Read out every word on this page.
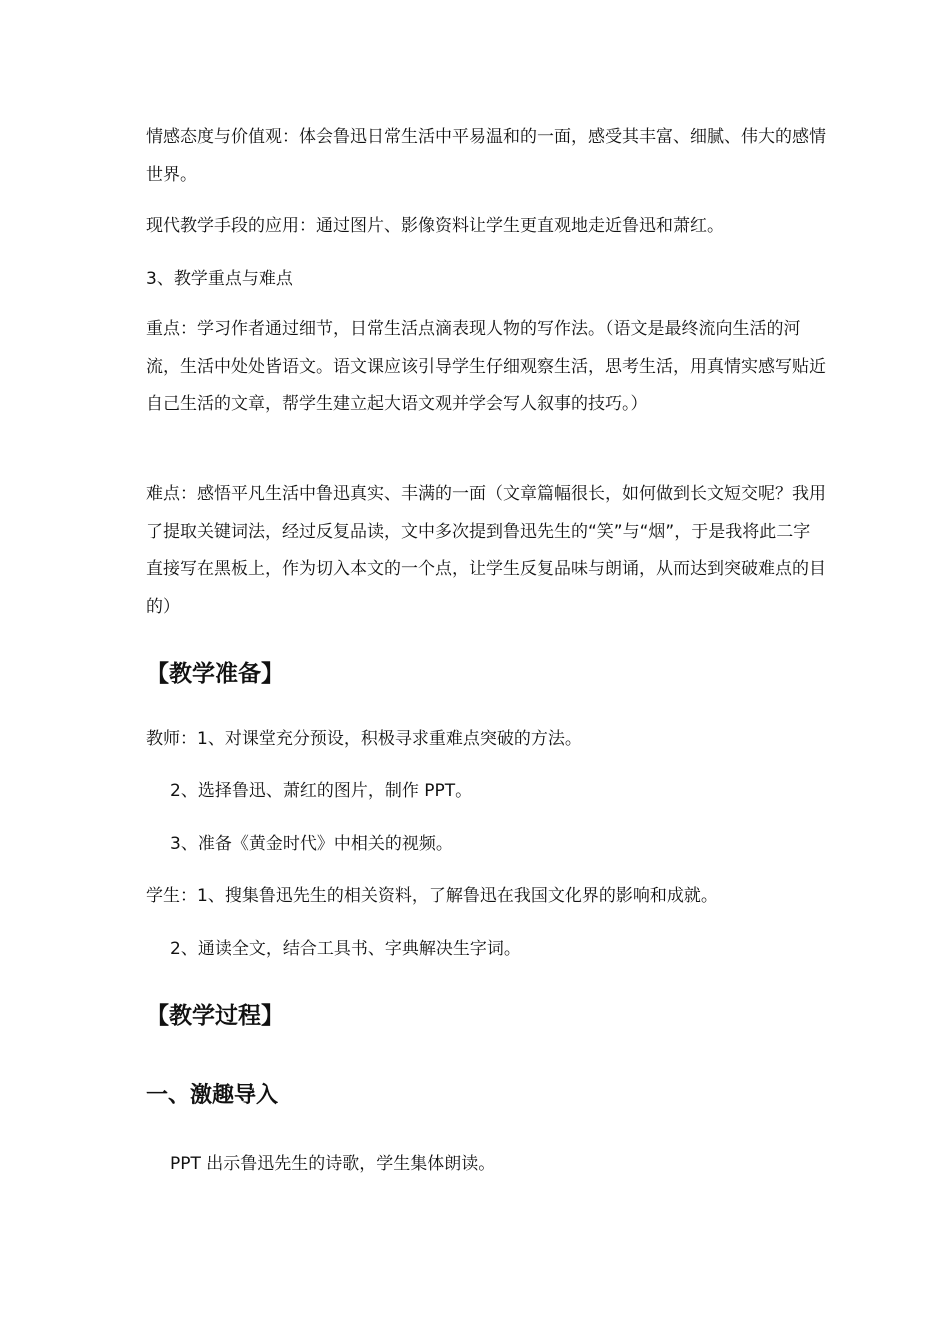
情感态度与价值观：体会鲁迅日常生活中平易温和的一面，感受其丰富、细腻、伟大的感情世界。

现代教学手段的应用：通过图片、影像资料让学生更直观地走近鲁迅和萧红。

3、教学重点与难点

重点：学习作者通过细节，日常生活点滴表现人物的写作法。（语文是最终流向生活的河流，生活中处处皆语文。语文课应该引导学生仔细观察生活，思考生活，用真情实感写贴近自己生活的文章，帮学生建立起大语文观并学会写人叙事的技巧。）

难点：感悟平凡生活中鲁迅真实、丰满的一面（文章篇幅很长，如何做到长文短交呢？我用了提取关键词法，经过反复品读，文中多次提到鲁迅先生的“笑”与“烟”，于是我将此二字直接写在黑板上，作为切入本文的一个点，让学生反复品味与朗诵，从而达到突破难点的目的）

【教学准备】

教师：1、对课堂充分预设，积极寻求重难点突破的方法。

2、选择鲁迅、萧红的图片，制作 PPT。

3、准备《黄金时代》中相关的视频。

学生：1、搜集鲁迅先生的相关资料，了解鲁迅在我国文化界的影响和成就。

2、通读全文，结合工具书、字典解决生字词。

【教学过程】
一、激趣导入

PPT 出示鲁迅先生的诗歌，学生集体朗读。
